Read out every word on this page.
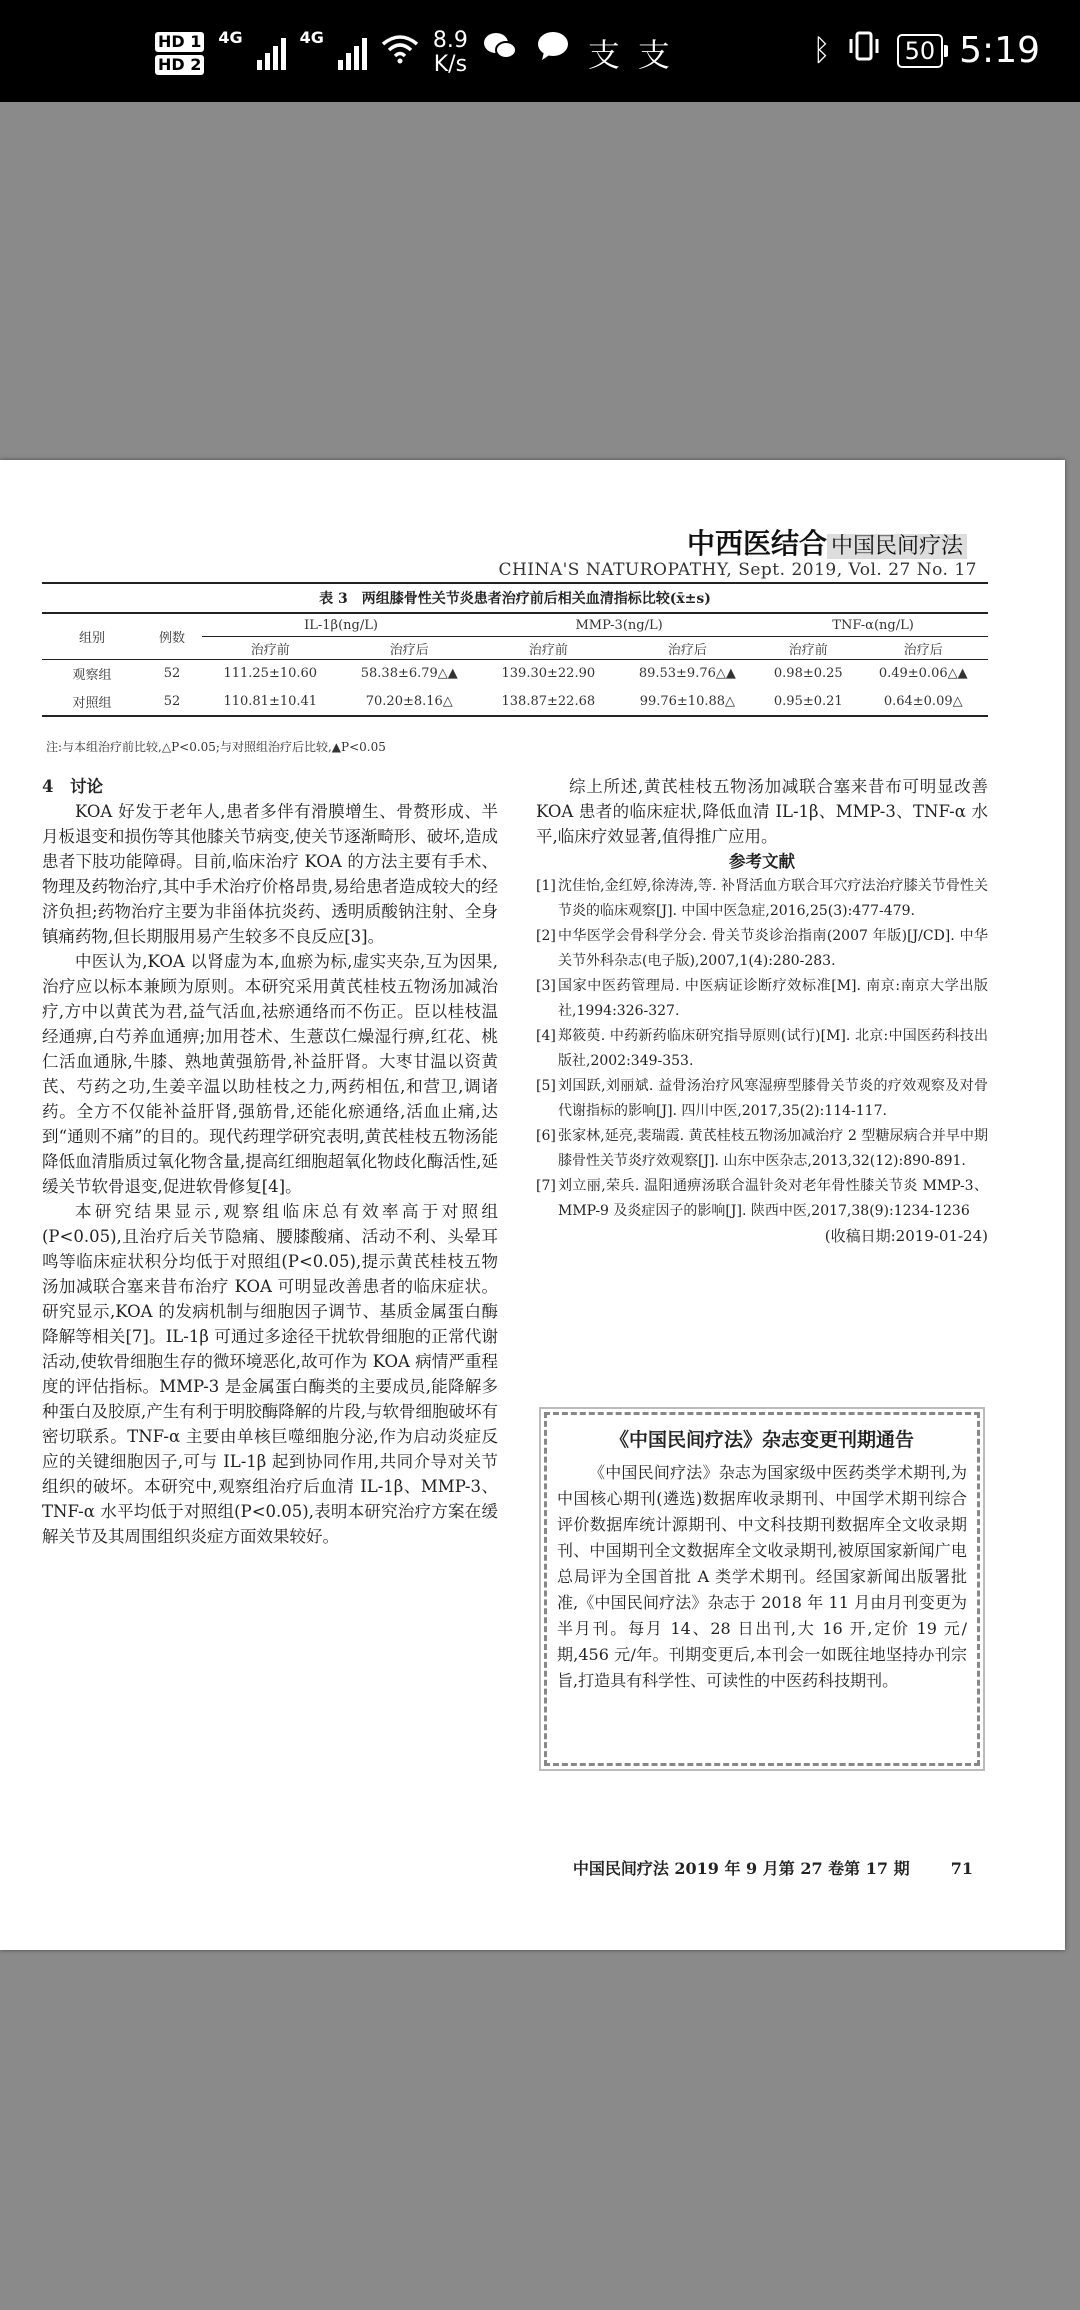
HD 1
HD 2
4G	4G	8.9
K/s	支 支	ᛒ	50 5:19
中西医结合 中国民间疗法
CHINA'S NATUROPATHY, Sept. 2019, Vol. 27 No. 17
表 3　两组膝骨性关节炎患者治疗前后相关血清指标比较(x̄±s)
组别	例数	IL-1β(ng/L)		MMP-3(ng/L)		TNF-α(ng/L)	
		治疗前	治疗后	治疗前	治疗后	治疗前	治疗后
观察组	52	111.25±10.60	58.38±6.79△▲	139.30±22.90	89.53±9.76△▲	0.98±0.25	0.49±0.06△▲
对照组	52	110.81±10.41	70.20±8.16△	138.87±22.68	99.76±10.88△	0.95±0.21	0.64±0.09△
注:与本组治疗前比较,△P<0.05;与对照组治疗后比较,▲P<0.05

4　讨论

KOA 好发于老年人,患者多伴有滑膜增生、骨赘形成、半月板退变和损伤等其他膝关节病变,使关节逐渐畸形、破坏,造成患者下肢功能障碍。目前,临床治疗 KOA 的方法主要有手术、物理及药物治疗,其中手术治疗价格昂贵,易给患者造成较大的经济负担;药物治疗主要为非甾体抗炎药、透明质酸钠注射、全身镇痛药物,但长期服用易产生较多不良反应[3]。

中医认为,KOA 以肾虚为本,血瘀为标,虚实夹杂,互为因果,治疗应以标本兼顾为原则。本研究采用黄芪桂枝五物汤加减治疗,方中以黄芪为君,益气活血,祛瘀通络而不伤正。臣以桂枝温经通痹,白芍养血通痹;加用苍术、生薏苡仁燥湿行痹,红花、桃仁活血通脉,牛膝、熟地黄强筋骨,补益肝肾。大枣甘温以资黄芪、芍药之功,生姜辛温以助桂枝之力,两药相伍,和营卫,调诸药。全方不仅能补益肝肾,强筋骨,还能化瘀通络,活血止痛,达到“通则不痛”的目的。现代药理学研究表明,黄芪桂枝五物汤能降低血清脂质过氧化物含量,提高红细胞超氧化物歧化酶活性,延缓关节软骨退变,促进软骨修复[4]。

本研究结果显示,观察组临床总有效率高于对照组(P<0.05),且治疗后关节隐痛、腰膝酸痛、活动不利、头晕耳鸣等临床症状积分均低于对照组(P<0.05),提示黄芪桂枝五物汤加减联合塞来昔布治疗 KOA 可明显改善患者的临床症状。研究显示,KOA 的发病机制与细胞因子调节、基质金属蛋白酶降解等相关[7]。IL-1β 可通过多途径干扰软骨细胞的正常代谢活动,使软骨细胞生存的微环境恶化,故可作为 KOA 病情严重程度的评估指标。MMP-3 是金属蛋白酶类的主要成员,能降解多种蛋白及胶原,产生有利于明胶酶降解的片段,与软骨细胞破坏有密切联系。TNF-α 主要由单核巨噬细胞分泌,作为启动炎症反应的关键细胞因子,可与 IL-1β 起到协同作用,共同介导对关节组织的破坏。本研究中,观察组治疗后血清 IL-1β、MMP-3、TNF-α 水平均低于对照组(P<0.05),表明本研究治疗方案在缓解关节及其周围组织炎症方面效果较好。

综上所述,黄芪桂枝五物汤加减联合塞来昔布可明显改善 KOA 患者的临床症状,降低血清 IL-1β、MMP-3、TNF-α 水平,临床疗效显著,值得推广应用。

参考文献

[1] 沈佳怡,金红婷,徐涛涛,等. 补肾活血方联合耳穴疗法治疗膝关节骨性关节炎的临床观察[J]. 中国中医急症,2016,25(3):477-479.
[2] 中华医学会骨科学分会. 骨关节炎诊治指南(2007 年版)[J/CD]. 中华关节外科杂志(电子版),2007,1(4):280-283.
[3] 国家中医药管理局. 中医病证诊断疗效标准[M]. 南京:南京大学出版社,1994:326-327.
[4] 郑筱萸. 中药新药临床研究指导原则(试行)[M]. 北京:中国医药科技出版社,2002:349-353.
[5] 刘国跃,刘丽斌. 益骨汤治疗风寒湿痹型膝骨关节炎的疗效观察及对骨代谢指标的影响[J]. 四川中医,2017,35(2):114-117.
[6] 张家林,延亮,裴瑞霞. 黄芪桂枝五物汤加减治疗 2 型糖尿病合并早中期膝骨性关节炎疗效观察[J]. 山东中医杂志,2013,32(12):890-891.
[7] 刘立丽,荣兵. 温阳通痹汤联合温针灸对老年骨性膝关节炎 MMP-3、MMP-9 及炎症因子的影响[J]. 陕西中医,2017,38(9):1234-1236
(收稿日期:2019-01-24)
《中国民间疗法》杂志变更刊期通告
《中国民间疗法》杂志为国家级中医药类学术期刊,为中国核心期刊(遴选)数据库收录期刊、中国学术期刊综合评价数据库统计源期刊、中文科技期刊数据库全文收录期刊、中国期刊全文数据库全文收录期刊,被原国家新闻广电总局评为全国首批 A 类学术期刊。经国家新闻出版署批准,《中国民间疗法》杂志于 2018 年 11 月由月刊变更为半月刊。每月 14、28 日出刊,大 16 开,定价 19 元/期,456 元/年。刊期变更后,本刊会一如既往地坚持办刊宗旨,打造具有科学性、可读性的中医药科技期刊。
中国民间疗法 2019 年 9 月第 27 卷第 17 期	71
